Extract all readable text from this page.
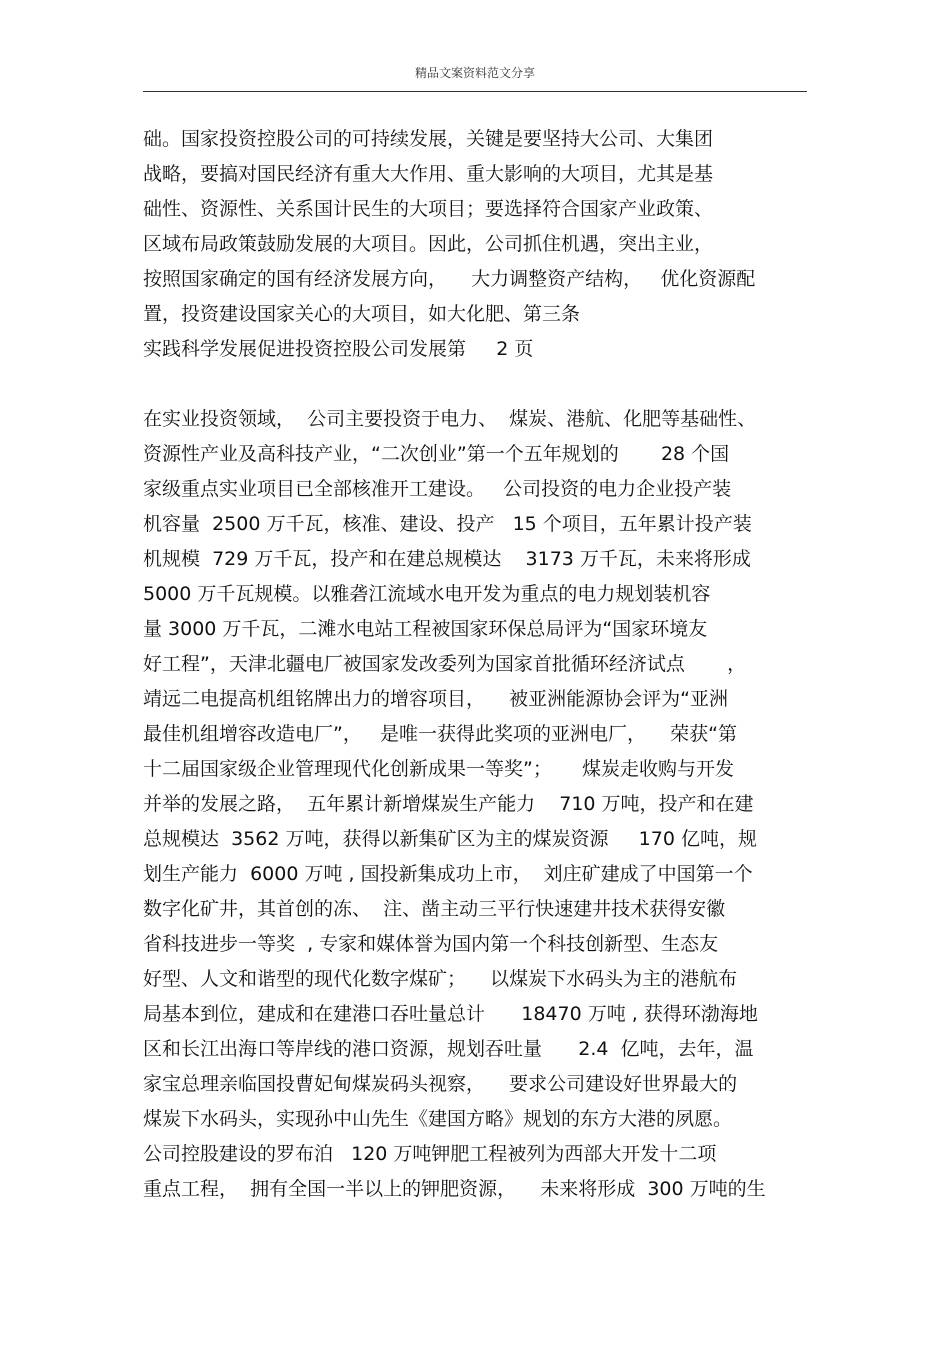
精品文案资料范文分享
础。国家投资控股公司的可持续发展，关键是要坚持大公司、大集团
战略，要搞对国民经济有重大大作用、重大影响的大项目，尤其是基
础性、资源性、关系国计民生的大项目；要选择符合国家产业政策、
区域布局政策鼓励发展的大项目。因此，公司抓住机遇，突出主业，
按照国家确定的国有经济发展方向，    大力调整资产结构，   优化资源配
置，投资建设国家关心的大项目，如大化肥、第三条
实践科学发展促进投资控股公司发展第     2 页
在实业投资领域，  公司主要投资于电力、  煤炭、港航、化肥等基础性、
资源性产业及高科技产业，“二次创业”第一个五年规划的       28 个国
家级重点实业项目已全部核准开工建设。   公司投资的电力企业投产装
机容量  2500 万千瓦，核准、建设、投产   15 个项目，五年累计投产装
机规模  729 万千瓦，投产和在建总规模达    3173 万千瓦，未来将形成
5000 万千瓦规模。以雅砻江流域水电开发为重点的电力规划装机容
量 3000 万千瓦，二滩水电站工程被国家环保总局评为“国家环境友
好工程”，天津北疆电厂被国家发改委列为国家首批循环经济试点       ，
靖远二电提高机组铭牌出力的增容项目，    被亚洲能源协会评为“亚洲
最佳机组增容改造电厂”，   是唯一获得此奖项的亚洲电厂，    荣获“第
十二届国家级企业管理现代化创新成果一等奖”；     煤炭走收购与开发
并举的发展之路，  五年累计新增煤炭生产能力    710 万吨，投产和在建
总规模达  3562 万吨，获得以新集矿区为主的煤炭资源     170 亿吨，规
划生产能力  6000 万吨 , 国投新集成功上市，  刘庄矿建成了中国第一个
数字化矿井，其首创的冻、  注、凿主动三平行快速建井技术获得安徽
省科技进步一等奖  , 专家和媒体誉为国内第一个科技创新型、生态友
好型、人文和谐型的现代化数字煤矿；    以煤炭下水码头为主的港航布
局基本到位，建成和在建港口吞吐量总计      18470 万吨 , 获得环渤海地
区和长江出海口等岸线的港口资源，规划吞吐量      2.4  亿吨，去年，温
家宝总理亲临国投曹妃甸煤炭码头视察，    要求公司建设好世界最大的
煤炭下水码头，实现孙中山先生《建国方略》规划的东方大港的夙愿。
公司控股建设的罗布泊   120 万吨钾肥工程被列为西部大开发十二项
重点工程，  拥有全国一半以上的钾肥资源，    未来将形成  300 万吨的生
